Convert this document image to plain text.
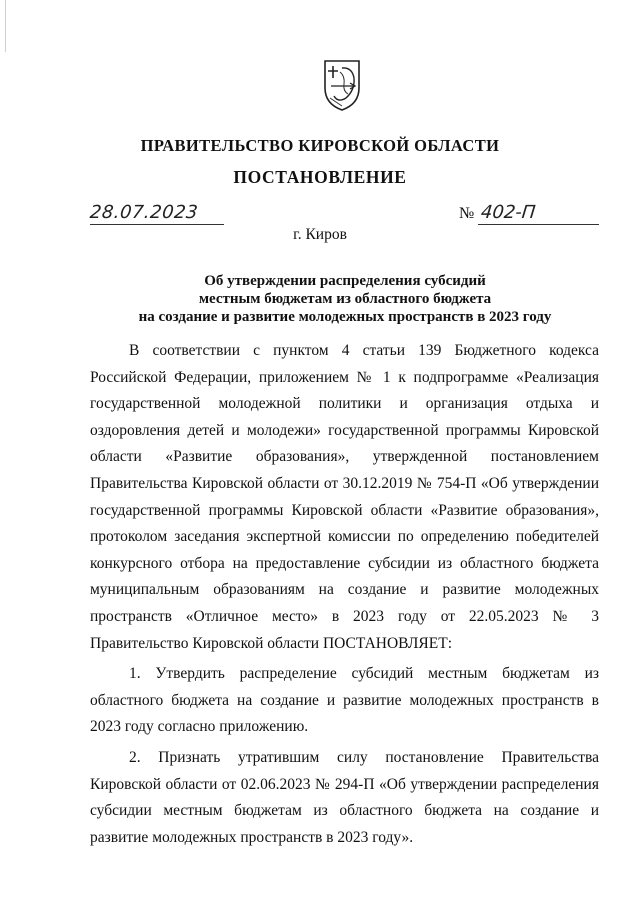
ПРАВИТЕЛЬСТВО КИРОВСКОЙ ОБЛАСТИ
ПОСТАНОВЛЕНИЕ
28.07.2023	№ 402-П

г. Киров

Об утверждении распределения субсидий
местным бюджетам из областного бюджета
на создание и развитие молодежных пространств в 2023 году

В соответствии с пунктом 4 статьи 139 Бюджетного кодекса Российской Федерации, приложением № 1 к подпрограмме «Реализация государственной молодежной политики и организация отдыха и оздоровления детей и молодежи» государственной программы Кировской области «Развитие образования», утвержденной постановлением Правительства Кировской области от 30.12.2019 № 754-П «Об утверждении государственной программы Кировской области «Развитие образования», протоколом заседания экспертной комиссии по определению победителей конкурсного отбора на предоставление субсидии из областного бюджета муниципальным образованиям на создание и развитие молодежных пространств «Отличное место» в 2023 году от 22.05.2023 № 3 Правительство Кировской области ПОСТАНОВЛЯЕТ:

1. Утвердить распределение субсидий местным бюджетам из областного бюджета на создание и развитие молодежных пространств в 2023 году согласно приложению.

2. Признать утратившим силу постановление Правительства Кировской области от 02.06.2023 № 294-П «Об утверждении распределения субсидии местным бюджетам из областного бюджета на создание и развитие молодежных пространств в 2023 году».
